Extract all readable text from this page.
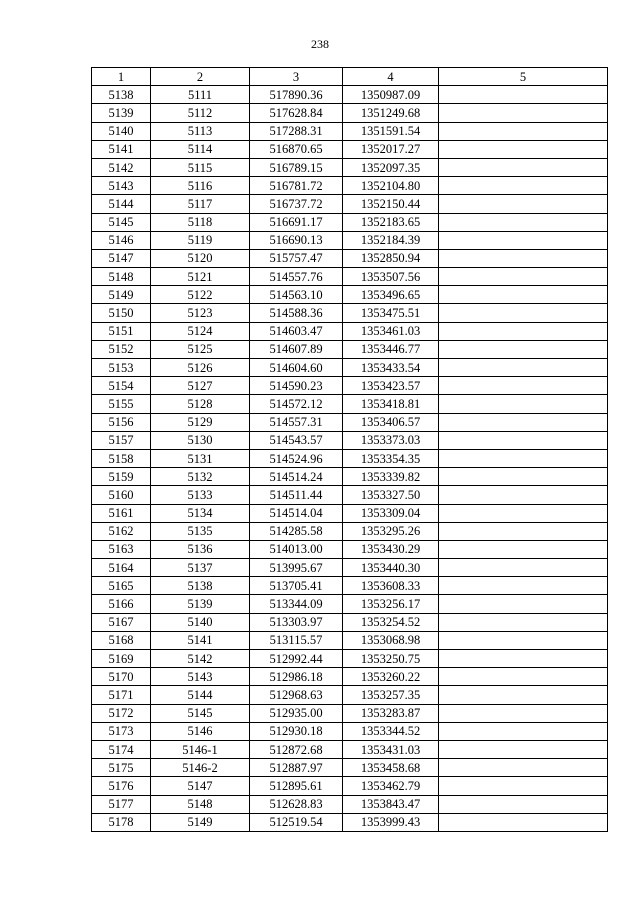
238
1	2	3	4	5
5138	5111	517890.36	1350987.09	
5139	5112	517628.84	1351249.68	
5140	5113	517288.31	1351591.54	
5141	5114	516870.65	1352017.27	
5142	5115	516789.15	1352097.35	
5143	5116	516781.72	1352104.80	
5144	5117	516737.72	1352150.44	
5145	5118	516691.17	1352183.65	
5146	5119	516690.13	1352184.39	
5147	5120	515757.47	1352850.94	
5148	5121	514557.76	1353507.56	
5149	5122	514563.10	1353496.65	
5150	5123	514588.36	1353475.51	
5151	5124	514603.47	1353461.03	
5152	5125	514607.89	1353446.77	
5153	5126	514604.60	1353433.54	
5154	5127	514590.23	1353423.57	
5155	5128	514572.12	1353418.81	
5156	5129	514557.31	1353406.57	
5157	5130	514543.57	1353373.03	
5158	5131	514524.96	1353354.35	
5159	5132	514514.24	1353339.82	
5160	5133	514511.44	1353327.50	
5161	5134	514514.04	1353309.04	
5162	5135	514285.58	1353295.26	
5163	5136	514013.00	1353430.29	
5164	5137	513995.67	1353440.30	
5165	5138	513705.41	1353608.33	
5166	5139	513344.09	1353256.17	
5167	5140	513303.97	1353254.52	
5168	5141	513115.57	1353068.98	
5169	5142	512992.44	1353250.75	
5170	5143	512986.18	1353260.22	
5171	5144	512968.63	1353257.35	
5172	5145	512935.00	1353283.87	
5173	5146	512930.18	1353344.52	
5174	5146-1	512872.68	1353431.03	
5175	5146-2	512887.97	1353458.68	
5176	5147	512895.61	1353462.79	
5177	5148	512628.83	1353843.47	
5178	5149	512519.54	1353999.43	
